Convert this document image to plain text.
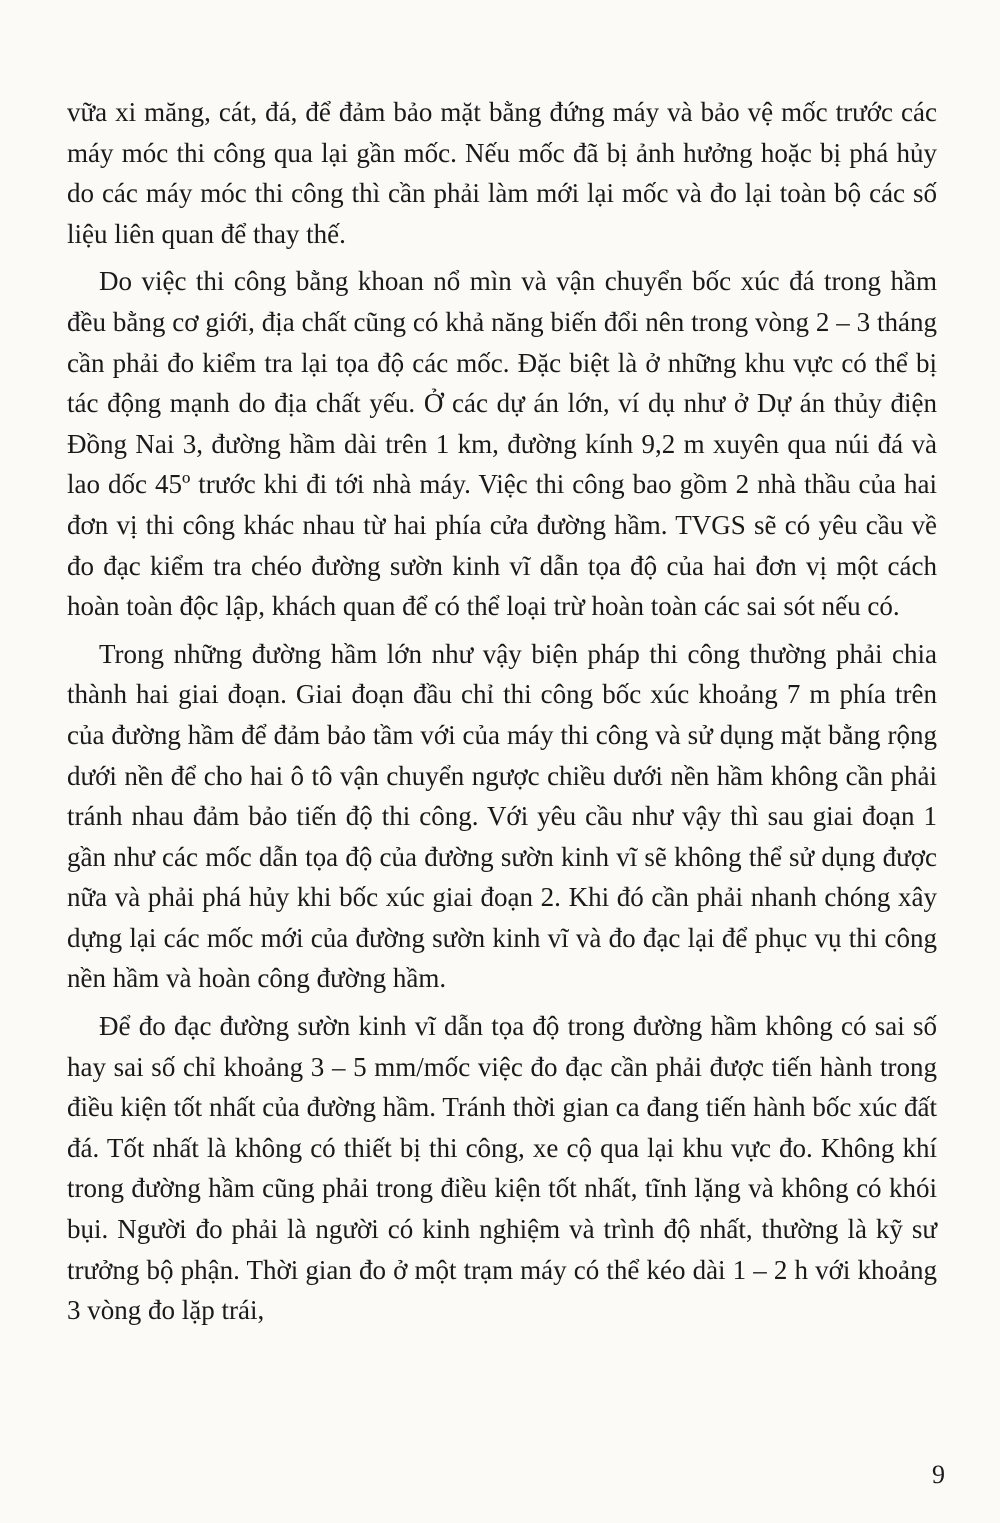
vữa xi măng, cát, đá, để đảm bảo mặt bằng đứng máy và bảo vệ mốc trước các máy móc thi công qua lại gần mốc. Nếu mốc đã bị ảnh hưởng hoặc bị phá hủy do các máy móc thi công thì cần phải làm mới lại mốc và đo lại toàn bộ các số liệu liên quan để thay thế.

Do việc thi công bằng khoan nổ mìn và vận chuyển bốc xúc đá trong hầm đều bằng cơ giới, địa chất cũng có khả năng biến đổi nên trong vòng 2 – 3 tháng cần phải đo kiểm tra lại tọa độ các mốc. Đặc biệt là ở những khu vực có thể bị tác động mạnh do địa chất yếu. Ở các dự án lớn, ví dụ như ở Dự án thủy điện Đồng Nai 3, đường hầm dài trên 1 km, đường kính 9,2 m xuyên qua núi đá và lao dốc 45º trước khi đi tới nhà máy. Việc thi công bao gồm 2 nhà thầu của hai đơn vị thi công khác nhau từ hai phía cửa đường hầm. TVGS sẽ có yêu cầu về đo đạc kiểm tra chéo đường sườn kinh vĩ dẫn tọa độ của hai đơn vị một cách hoàn toàn độc lập, khách quan để có thể loại trừ hoàn toàn các sai sót nếu có.

Trong những đường hầm lớn như vậy biện pháp thi công thường phải chia thành hai giai đoạn. Giai đoạn đầu chỉ thi công bốc xúc khoảng 7 m phía trên của đường hầm để đảm bảo tầm với của máy thi công và sử dụng mặt bằng rộng dưới nền để cho hai ô tô vận chuyển ngược chiều dưới nền hầm không cần phải tránh nhau đảm bảo tiến độ thi công. Với yêu cầu như vậy thì sau giai đoạn 1 gần như các mốc dẫn tọa độ của đường sườn kinh vĩ sẽ không thể sử dụng được nữa và phải phá hủy khi bốc xúc giai đoạn 2. Khi đó cần phải nhanh chóng xây dựng lại các mốc mới của đường sườn kinh vĩ và đo đạc lại để phục vụ thi công nền hầm và hoàn công đường hầm.

Để đo đạc đường sườn kinh vĩ dẫn tọa độ trong đường hầm không có sai số hay sai số chỉ khoảng 3 – 5 mm/mốc việc đo đạc cần phải được tiến hành trong điều kiện tốt nhất của đường hầm. Tránh thời gian ca đang tiến hành bốc xúc đất đá. Tốt nhất là không có thiết bị thi công, xe cộ qua lại khu vực đo. Không khí trong đường hầm cũng phải trong điều kiện tốt nhất, tĩnh lặng và không có khói bụi. Người đo phải là người có kinh nghiệm và trình độ nhất, thường là kỹ sư trưởng bộ phận. Thời gian đo ở một trạm máy có thể kéo dài 1 – 2 h với khoảng 3 vòng đo lặp trái,

9
